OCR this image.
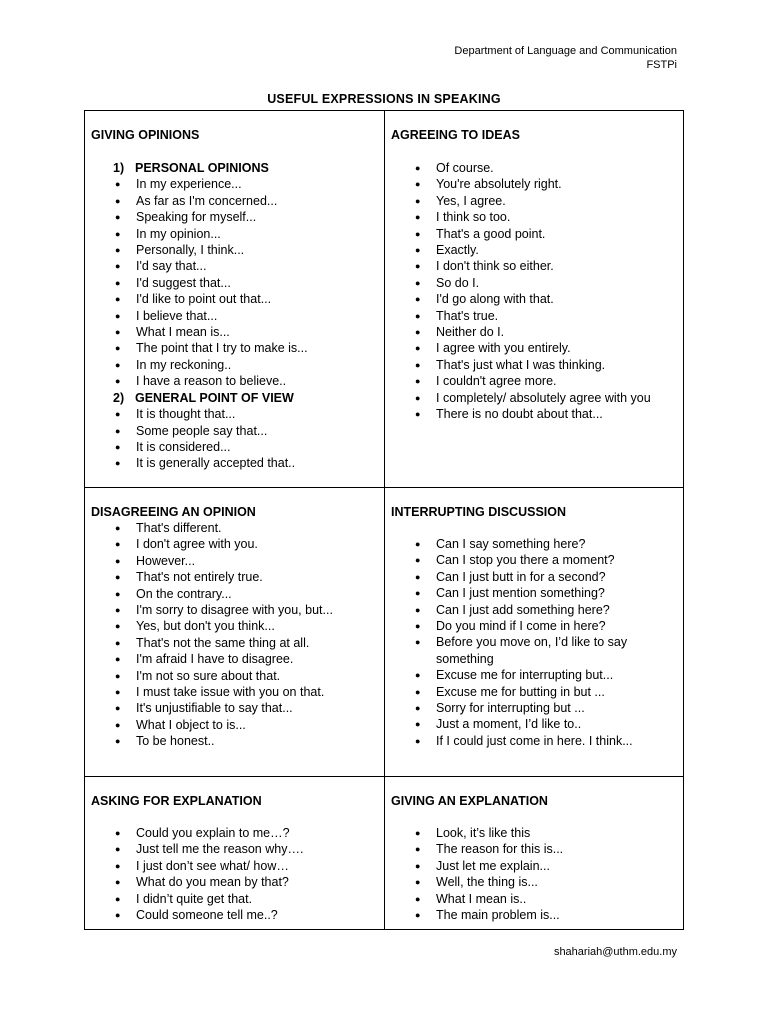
Department of Language and Communication
FSTPi
USEFUL EXPRESSIONS IN SPEAKING
GIVING OPINIONS
1) PERSONAL OPINIONS
● In my experience...
● As far as I'm concerned...
● Speaking for myself...
● In my opinion...
● Personally, I think...
● I'd say that...
● I'd suggest that...
● I'd like to point out that...
● I believe that...
● What I mean is...
● The point that I try to make is...
● In my reckoning..
● I have a reason to believe..
2) GENERAL POINT OF VIEW
● It is thought that...
● Some people say that...
● It is considered...
● It is generally accepted that..
AGREEING TO IDEAS
● Of course.
● You're absolutely right.
● Yes, I agree.
● I think so too.
● That's a good point.
● Exactly.
● I don't think so either.
● So do I.
● I'd go along with that.
● That's true.
● Neither do I.
● I agree with you entirely.
● That's just what I was thinking.
● I couldn't agree more.
● I completely/ absolutely agree with you
● There is no doubt about that...
DISAGREEING AN OPINION
● That's different.
● I don't agree with you.
● However...
● That's not entirely true.
● On the contrary...
● I'm sorry to disagree with you, but...
● Yes, but don't you think...
● That's not the same thing at all.
● I'm afraid I have to disagree.
● I'm not so sure about that.
● I must take issue with you on that.
● It's unjustifiable to say that...
● What I object to is...
● To be honest..
INTERRUPTING DISCUSSION
● Can I say something here?
● Can I stop you there a moment?
● Can I just butt in for a second?
● Can I just mention something?
● Can I just add something here?
● Do you mind if I come in here?
● Before you move on, I’d like to say something
● Excuse me for interrupting but...
● Excuse me for butting in but ...
● Sorry for interrupting but ...
● Just a moment, I’d like to..
● If I could just come in here. I think...
ASKING FOR EXPLANATION
● Could you explain to me…?
● Just tell me the reason why….
● I just don’t see what/ how…
● What do you mean by that?
● I didn’t quite get that.
● Could someone tell me..?
GIVING AN EXPLANATION
● Look, it’s like this
● The reason for this is...
● Just let me explain...
● Well, the thing is...
● What I mean is..
● The main problem is...
shahariah@uthm.edu.my
